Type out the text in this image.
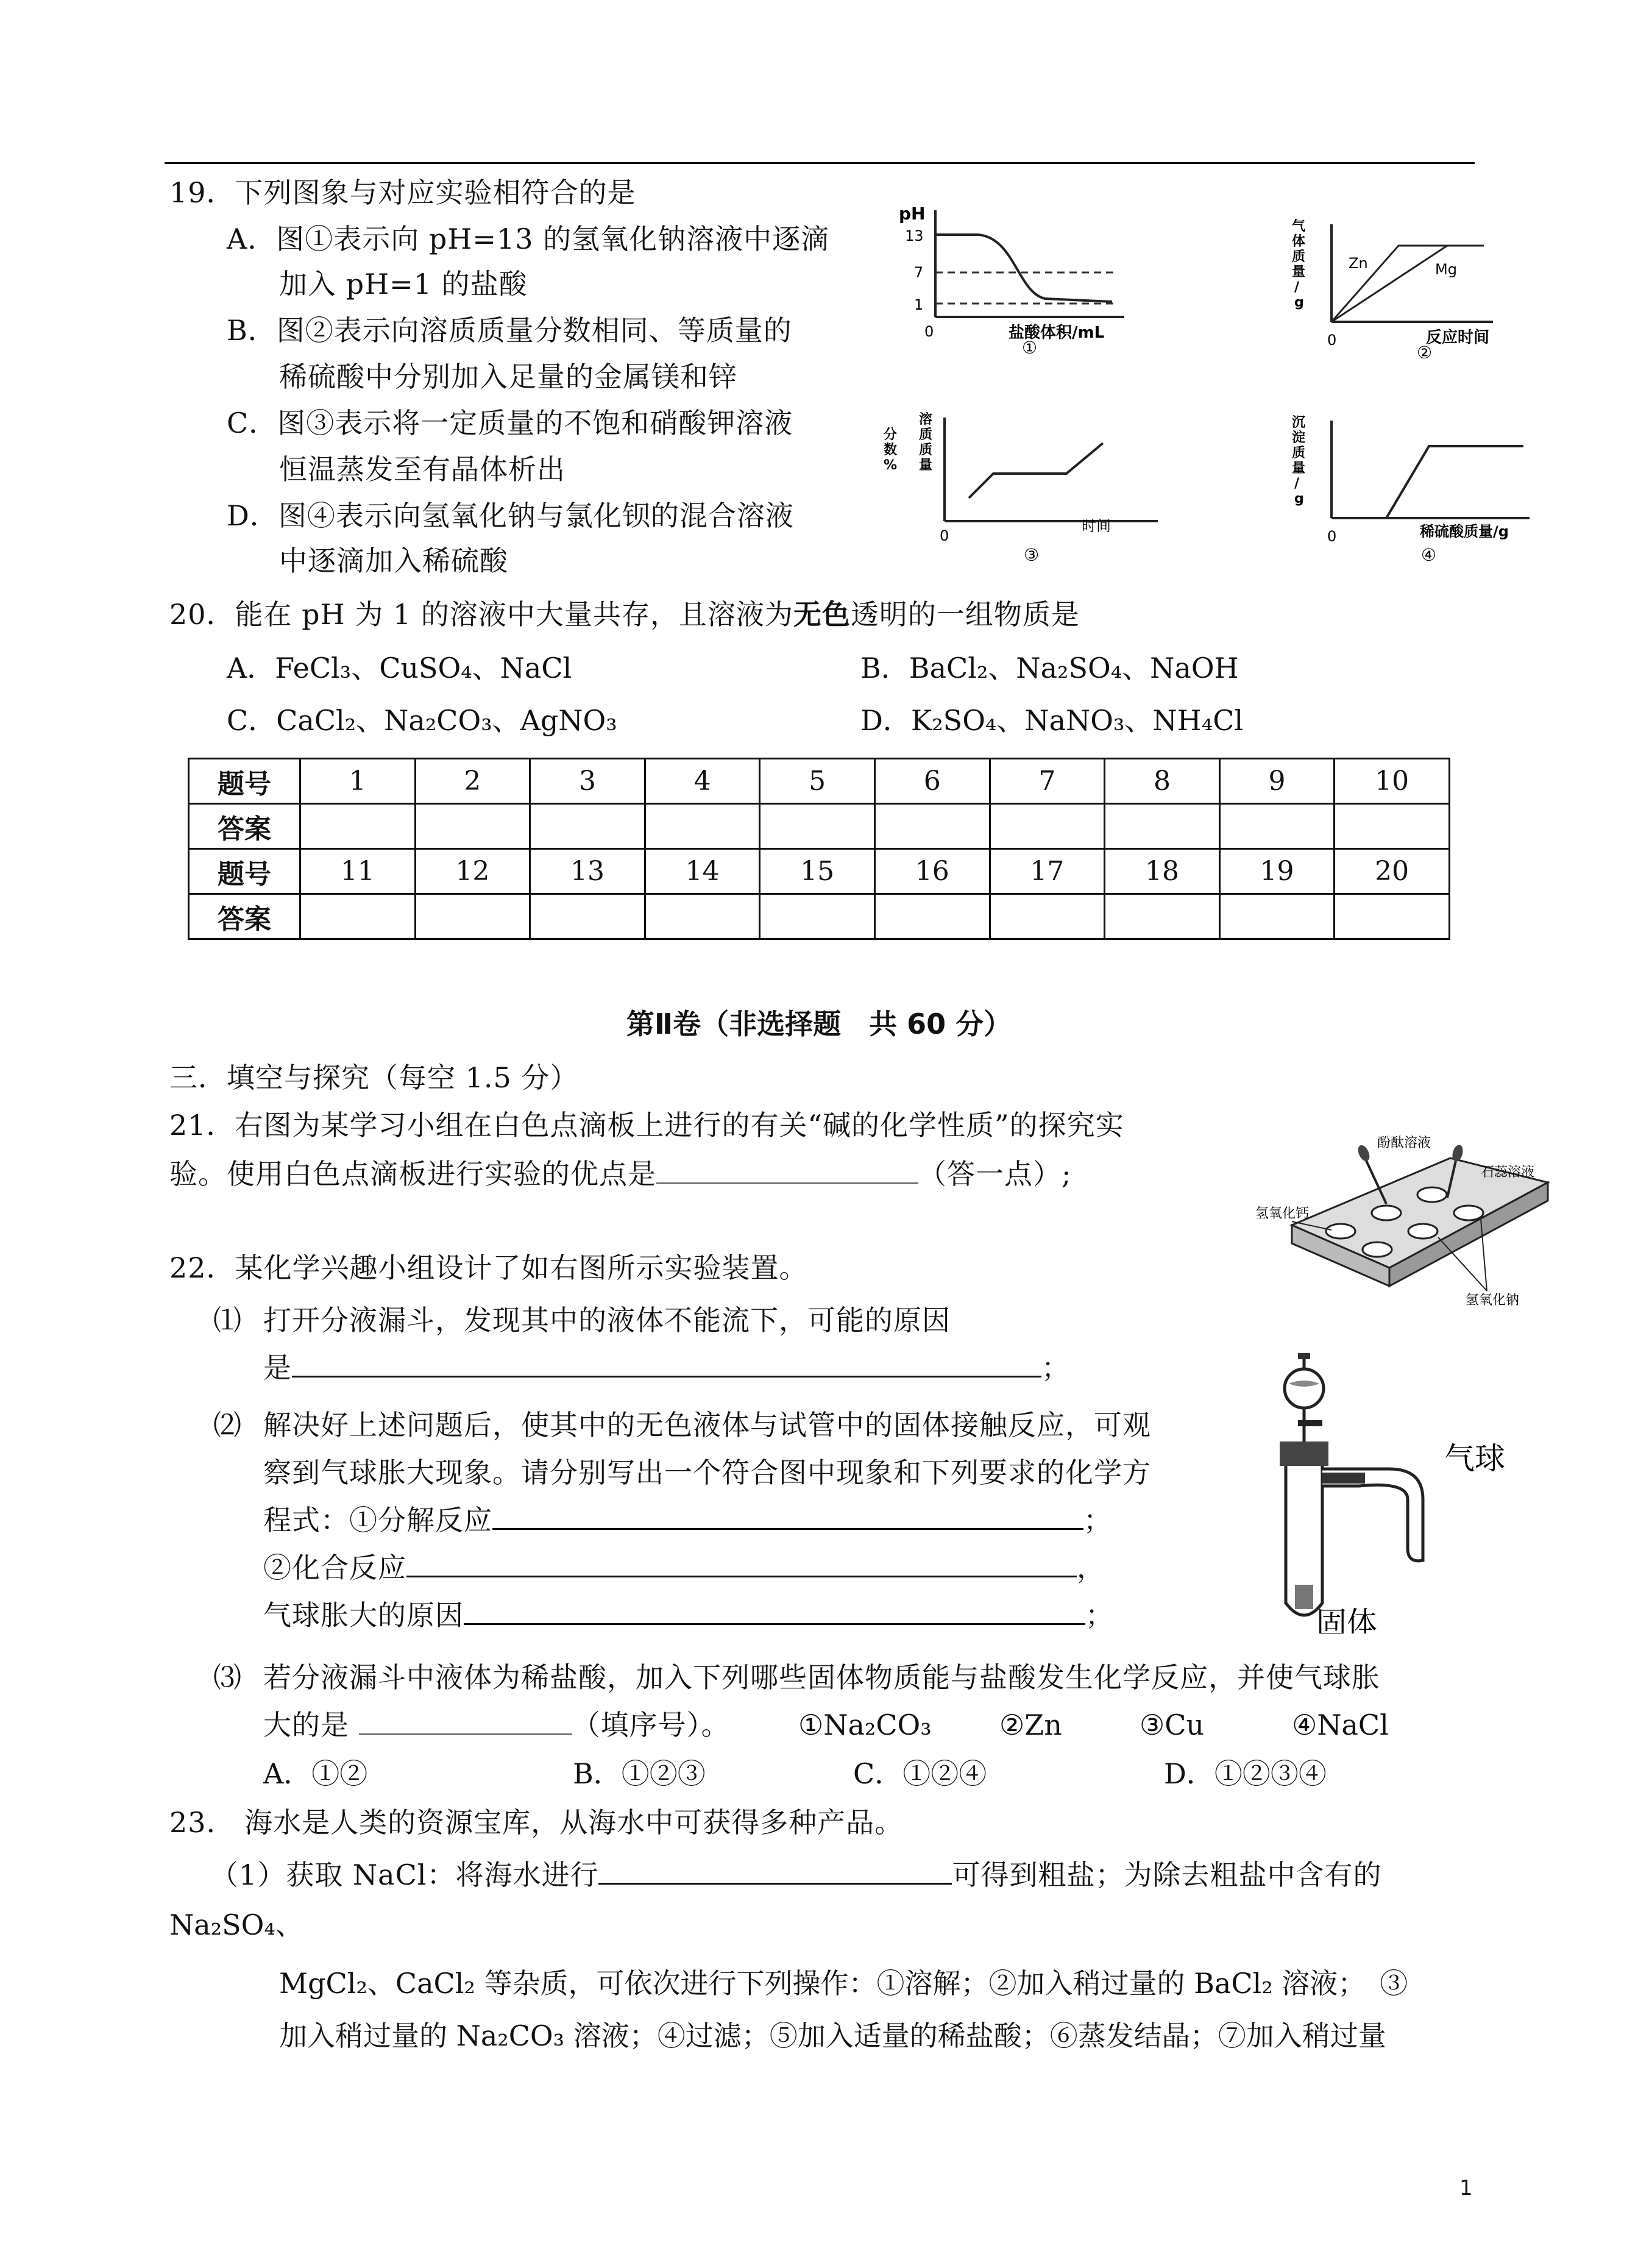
19．下列图象与对应实验相符合的是
A．图①表示向 pH=13 的氢氧化钠溶液中逐滴
加入 pH=1 的盐酸
B．图②表示向溶质质量分数相同、等质量的
稀硫酸中分别加入足量的金属镁和锌
C．图③表示将一定质量的不饱和硝酸钾溶液
恒温蒸发至有晶体析出
D．图④表示向氢氧化钠与氯化钡的混合溶液
中逐滴加入稀硫酸
pH
13
7
1
0	盐酸体积/mL
①
气
体
质
量
/
g
0
Zn	Mg
反应时间
②
溶
质
质
量
分
数
%
0
时间
③
沉
淀
质
量
/
g
0	稀硫酸质量/g
④
20．能在 pH 为 1 的溶液中大量共存，且溶液为无色透明的一组物质是
A．FeCl₃、CuSO₄、NaCl	B．BaCl₂、Na₂SO₄、NaOH
C．CaCl₂、Na₂CO₃、AgNO₃	D．K₂SO₄、NaNO₃、NH₄Cl
题号	1	2	3	4	5	6	7	8	9	10
答案										
题号	11	12	13	14	15	16	17	18	19	20
答案										
第Ⅱ卷（非选择题　共 60 分）
三．填空与探究（每空 1.5 分）
21．右图为某学习小组在白色点滴板上进行的有关“碱的化学性质”的探究实
验。使用白色点滴板进行实验的优点是	（答一点）;
酚酞溶液
石蕊溶液
氢氧化钙
氢氧化钠
22．某化学兴趣小组设计了如右图所示实验装置。
⑴ 打开分液漏斗，发现其中的液体不能流下，可能的原因
是	；
⑵ 解决好上述问题后，使其中的无色液体与试管中的固体接触反应，可观
察到气球胀大现象。请分别写出一个符合图中现象和下列要求的化学方
程式：①分解反应	；
②化合反应	，
气球胀大的原因	；
⑶ 若分液漏斗中液体为稀盐酸，加入下列哪些固体物质能与盐酸发生化学反应，并使气球胀
大的是	（填序号）。 ①Na₂CO₃ ②Zn	③Cu	④NaCl
A．①②	B．①②③	C．①②④	D．①②③④
气球
固体
23.　海水是人类的资源宝库，从海水中可获得多种产品。
（1）获取 NaCl：将海水进行	可得到粗盐；为除去粗盐中含有的
Na₂SO₄、
MgCl₂、CaCl₂ 等杂质，可依次进行下列操作：①溶解；②加入稍过量的 BaCl₂ 溶液；　③
加入稍过量的 Na₂CO₃ 溶液；④过滤；⑤加入适量的稀盐酸；⑥蒸发结晶；⑦加入稍过量
1
